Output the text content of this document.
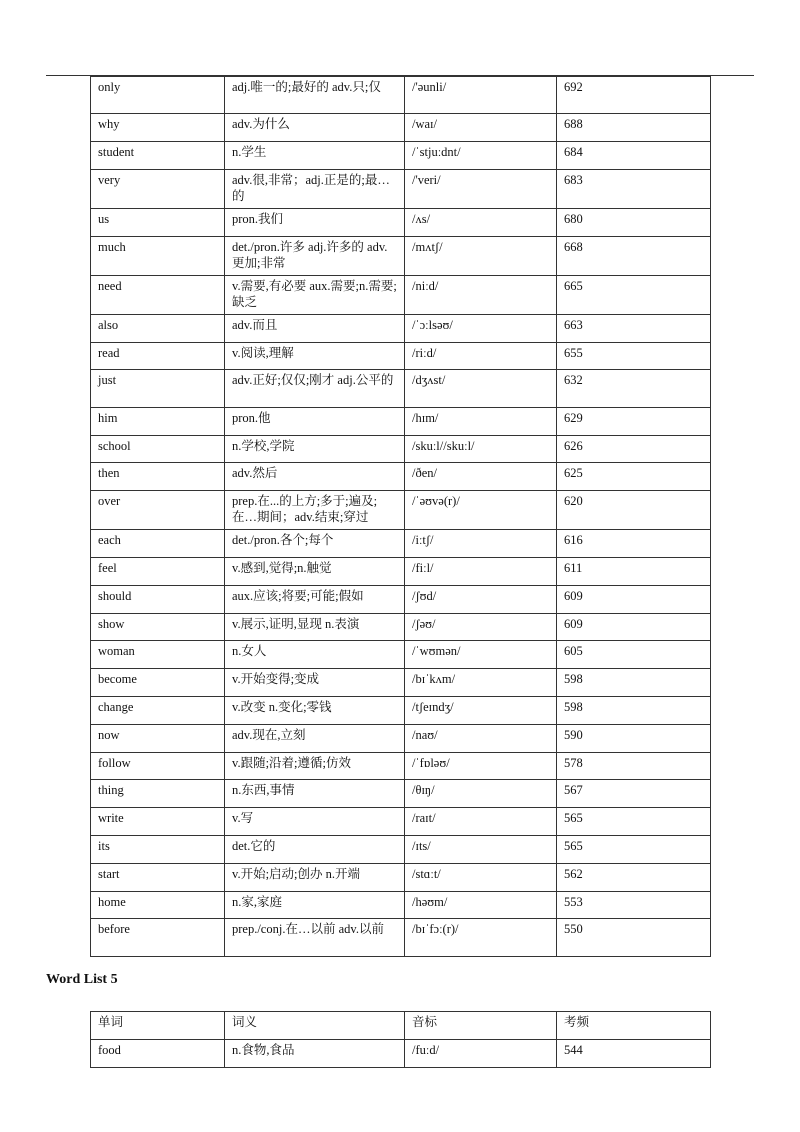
only	adj.唯一的;最好的 adv.只;仅	/'əunli/	692
why	adv.为什么	/waɪ/	688
student	n.学生	/ˈstjuːdnt/	684
very	adv.很,非常；adj.正是的;最…的	/'veri/	683
us	pron.我们	/ʌs/	680
much	det./pron.许多 adj.许多的 adv.更加;非常	/mʌtʃ/	668
need	v.需要,有必要 aux.需要;n.需要;缺乏	/niːd/	665
also	adv.而且	/ˈɔːlsəʊ/	663
read	v.阅读,理解	/riːd/	655
just	adv.正好;仅仅;刚才 adj.公平的	/dʒʌst/	632
him	pron.他	/hɪm/	629
school	n.学校,学院	/skuːl//skuːl/	626
then	adv.然后	/ðen/	625
over	prep.在...的上方;多于;遍及;在…期间；adv.结束;穿过	/ˈəʊvə(r)/	620
each	det./pron.各个;每个	/iːtʃ/	616
feel	v.感到,觉得;n.触觉	/fiːl/	611
should	aux.应该;将要;可能;假如	/ʃʊd/	609
show	v.展示,证明,显现 n.表演	/ʃəʊ/	609
woman	n.女人	/ˈwʊmən/	605
become	v.开始变得;变成	/bɪˈkʌm/	598
change	v.改变 n.变化;零钱	/tʃeɪndʒ/	598
now	adv.现在,立刻	/naʊ/	590
follow	v.跟随;沿着;遵循;仿效	/ˈfɒləʊ/	578
thing	n.东西,事情	/θɪŋ/	567
write	v.写	/raɪt/	565
its	det.它的	/ɪts/	565
start	v.开始;启动;创办 n.开端	/stɑːt/	562
home	n.家,家庭	/həʊm/	553
before	prep./conj.在…以前 adv.以前	/bɪˈfɔː(r)/	550
Word List 5
单词	词义	音标	考频
food	n.食物,食品	/fuːd/	544
